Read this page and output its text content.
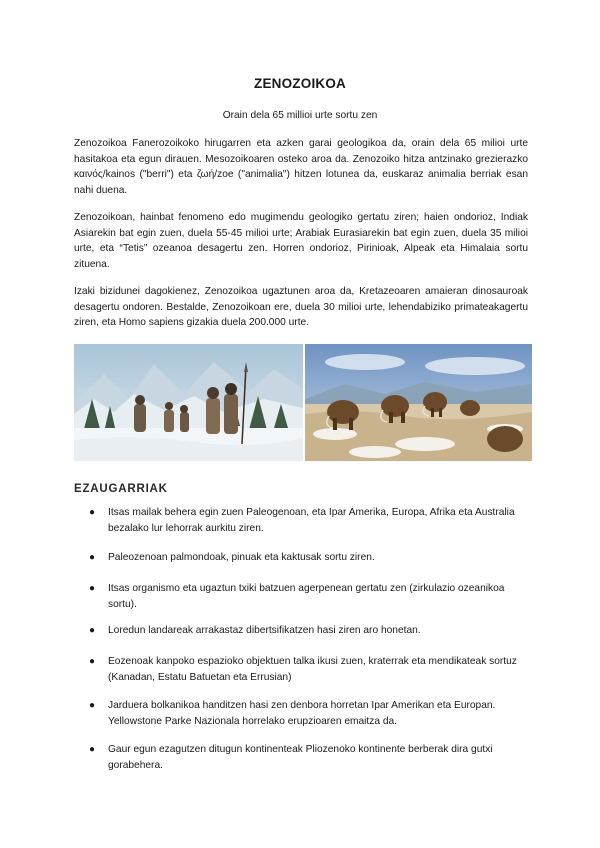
ZENOZOIKOA
Orain dela 65 millioi urte sortu zen

Zenozoikoa Fanerozoikoko hirugarren eta azken garai geologikoa da, orain dela 65 milioi urte hasitakoa eta egun dirauen. Mesozoikoaren osteko aroa da. Zenozoiko hitza antzinako grezierazko καινός/kainos ("berri") eta ζωή/zoe ("animalia") hitzen lotunea da, euskaraz animalia berriak esan nahi duena.

Zenozoikoan, hainbat fenomeno edo mugimendu geologiko gertatu ziren; haien ondorioz, Indiak Asiarekin bat egin zuen, duela 55-45 milioi urte; Arabiak Eurasiarekin bat egin zuen, duela 35 milioi urte, eta “Tetis” ozeanoa desagertu zen. Horren ondorioz, Pirinioak, Alpeak eta Himalaia sortu zituena.

Izaki bizidunei dagokienez, Zenozoikoa ugaztunen aroa da, Kretazeoaren amaieran dinosauroak desagertu ondoren. Bestalde, Zenozoikoan ere, duela 30 milioi urte, lehendabiziko primateakagertu ziren, eta Homo sapiens gizakia duela 200.000 urte.

EZAUGARRIAK
● Itsas mailak behera egin zuen Paleogenoan, eta Ipar Amerika, Europa, Afrika eta Australia bezalako lur lehorrak aurkitu ziren.
● Paleozenoan palmondoak, pinuak eta kaktusak sortu ziren.
● Itsas organismo eta ugaztun txiki batzuen agerpenean gertatu zen (zirkulazio ozeanikoa sortu).
● Loredun landareak arrakastaz dibertsifikatzen hasi ziren aro honetan.
● Eozenoak kanpoko espazioko objektuen talka ikusi zuen, kraterrak eta mendikateak sortuz (Kanadan, Estatu Batuetan eta Errusian)
● Jarduera bolkanikoa handitzen hasi zen denbora horretan Ipar Amerikan eta Europan. Yellowstone Parke Nazionala horrelako erupzioaren emaitza da.
● Gaur egun ezagutzen ditugun kontinenteak Pliozenoko kontinente berberak dira gutxi gorabehera.
